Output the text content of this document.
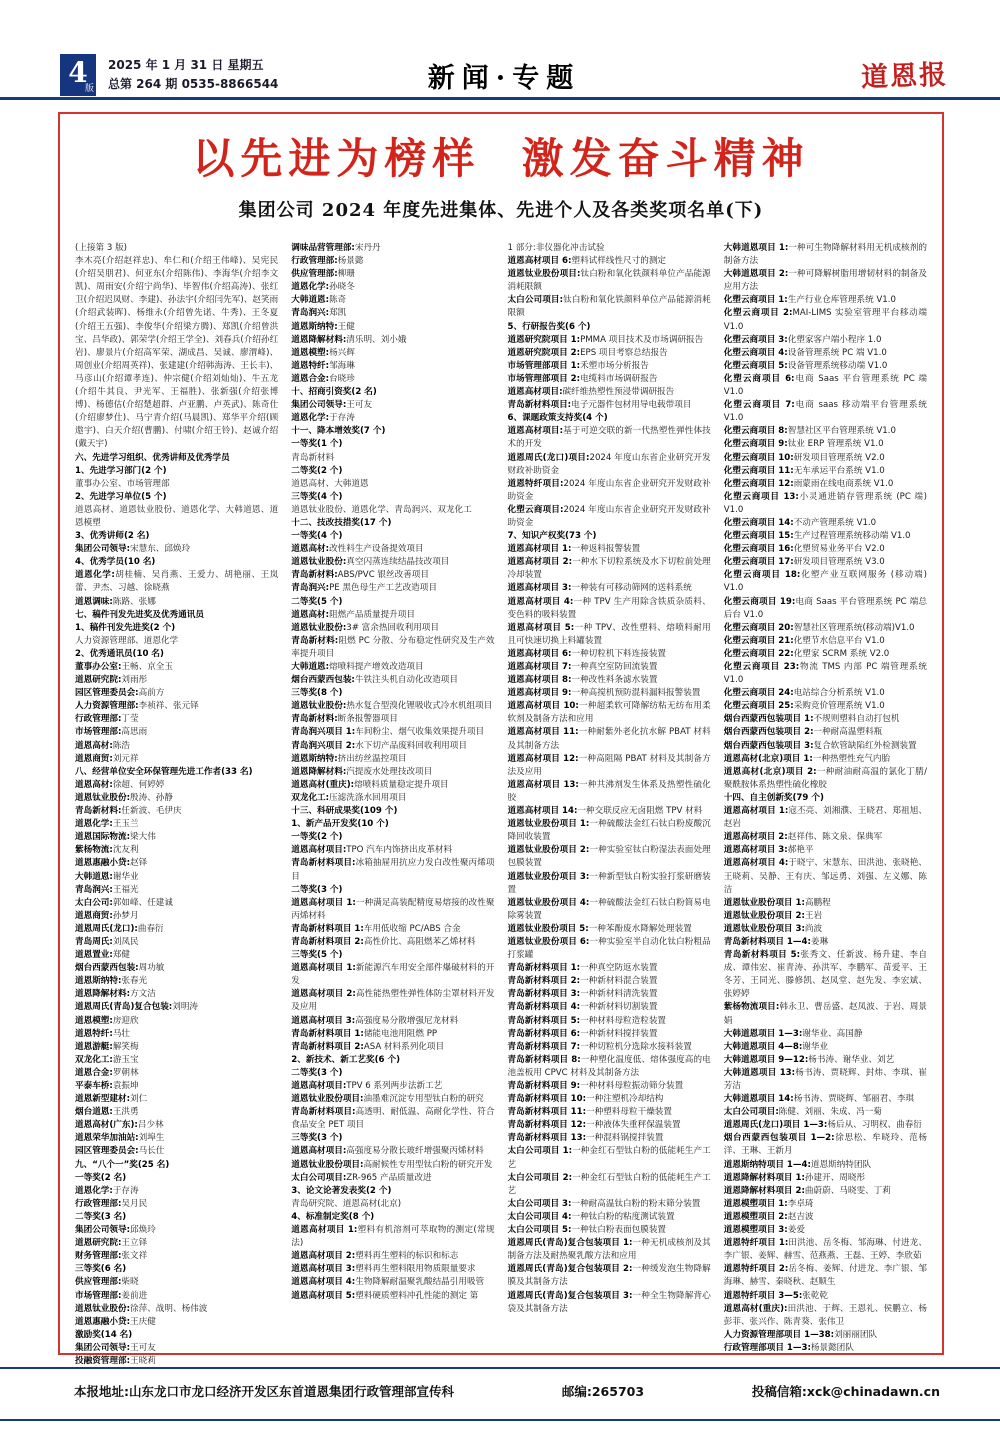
4
版
2025 年 1 月 31 日 星期五
总第 264 期 0535-8866544	新闻·专题	道恩报
以先进为榜样  激发奋斗精神
集团公司 2024 年度先进集体、先进个人及各类奖项名单(下)
(上接第 3 版)
李木亮(介绍赵祥忠)、牟仁和(介绍王伟峰)、吴宪民(介绍吴朋君)、何亚东(介绍陈伟)、李海华(介绍李文凯)、周雨安(介绍宁尚华)、毕智伟(介绍高涛)、张红卫(介绍迟凤财、李建)、孙法宇(介绍闫先军)、赵笑雨(介绍武装晖)、杨维永(介绍曾先诺、牛秀)、王冬夏(介绍王五强)、李俊华(介绍梁方腾)、郑凯(介绍曾洪宝、吕华政)、郭荣学(介绍王学全)、刘春兵(介绍孙红岩)、廖景片(介绍高军荣、湖成昌、吴诚、廖渭峰)、周创业(介绍周英祥)、张建建(介绍韩海涛、王长丰)、马彦山(介绍谭孝连)、仲宗健(介绍刘灿灿)、牛五龙(介绍牛其良、尹光军、王福胜)、张新强(介绍张博博)、杨德估(介绍楚超群、卢亚鹏、卢英武)、陈奇仕(介绍廖梦仕)、马宁青介绍(马晨凯)、郑华平介绍(顾遨宇)、白天介绍(曹鹏)、付啸(介绍王铃)、赵诚介绍(戴天宇)
六、先进学习组织、优秀讲师及优秀学员
1、先进学习部门(2 个)
董事办公室、市场管理部
2、先进学习单位(5 个)
道恩高材、道恩钛业股份、道恩化学、大韩道恩、道恩模塑
3、优秀讲师(2 名)
集团公司领导:宋慧东、邱焕玲
4、优秀学员(10 名)
道恩化学:胡桂楠、吴肖燕、王爱力、胡艳丽、王岚蕾、尹杰、习越、徐晓燕
道恩调味:陈路、张娜
七、稿件刊发先进奖及优秀通讯员
1、稿件刊发先进奖(2 个)
人力资源管理部、道恩化学
2、优秀通讯员(10 名)
董事办公室:王畅、京全玉
道恩研究院:刘雨彤
园区管理委员会:高前方
人力资源管理部:李祯祥、张元铎
行政管理部:丁莹
市场管理部:高思雨
道恩高材:陈浩
道恩商贸:刘元祥
八、经营单位安全环保管理先进工作者(33 名)
道恩高材:徐超、何婷婷
道恩钛业股份:殷涛、孙静
青岛新材料:任新波、毛伊庆
道恩化学:王玉兰
道恩国际物流:梁大伟
紫杨物流:沈友利
道恩惠融小贷:赵铎
大韩道恩:谢华业
青岛润兴:王福光
太白公司:郭如峰、任建诚
道恩商贸:孙梦月
道恩周氏(龙口):曲春衍
青岛周氏:刘凤民
道恩置业:郑健
烟台西蒙西包装:周功敏
道恩斯纳特:张春光
道恩降解材料:方文洁
道恩周氏(青岛)复合包装:刘明涛
道恩模塑:房迎欣
道恩特纤:马壮
道恩游艇:解笑梅
双龙化工:游玉宝
道恩合金:罗朝林
平泰车桥:袁振坤
道恩新型建材:刘仁
烟台道恩:王洪勇
道恩高材(广东):吕少林
道恩荣华加油站:刘埠生
园区管理委员会:马长仕
九、“八个一”奖(25 名)
一等奖(2 名)
道恩化学:于存涛
行政管理部:吴月民
二等奖(3 名)
集团公司领导:邱焕玲
道恩研究院:王立铎
财务管理部:张文祥
三等奖(6 名)
供应管理部:柴晓
市场管理部:姜前进
道恩钛业股份:徐萍、战明、杨伟波
道恩惠融小贷:王庆健
激励奖(14 名)
集团公司领导:王可友
投融资管理部:王晓莉
调味品营管理部:宋丹丹
行政管理部:杨景懿
供应管理部:柳珊
道恩化学:孙晓冬
大韩道恩:陈奇
青岛润兴:郑凯
道恩斯纳特:王健
道恩降解材料:清乐明、刘小娥
道恩模塑:杨兴辉
道恩特纤:邹海琳
道恩合金:台晓珍
十、招商引资奖(2 名)
集团公司领导:王可友
道恩化学:于存涛
十一、降本增效奖(7 个)
一等奖(1 个)
青岛新材料
二等奖(2 个)
道恩高材、大韩道恩
三等奖(4 个)
道恩钛业股份、道恩化学、青岛润兴、双龙化工
十二、技改技措奖(17 个)
一等奖(4 个)
道恩高材:改性料生产设备提效项目
道恩钛业股份:真空闪蒸连续结晶技改项目
青岛新材料:ABS/PVC 银丝改善项目
青岛润兴:PE 黑色母生产工艺改造项目
二等奖(5 个)
道恩高材:阻燃产品质量提升项目
道恩钛业股份:3# 富余热回收利用项目
青岛新材料:阻燃 PC 分散、分布稳定性研究及生产效率提升项目
大韩道恩:熔喷料提产增效改造项目
烟台西蒙西包装:牛铁注头机自动化改造项目
三等奖(8 个)
道恩钛业股份:热水复合型溴化锂吸收式冷水机组项目
青岛新材料:断条报警器项目
青岛润兴项目 1:车间粉尘、烟气收集效果提升项目
青岛润兴项目 2:水下切产品废料回收利用项目
道恩斯纳特:挤出纺丝温控项目
道恩降解材料:汽提废水处理技改项目
道恩高材(重庆):熔喷料质量稳定提升项目
双龙化工:压滤洗涤水回用项目
十三、科研成果奖(109 个)
1、新产品开发奖(10 个)
一等奖(2 个)
道恩高材项目:TPO 汽车内饰挤出皮革材料
青岛新材料项目:冰箱抽屉用抗应力发白改性聚丙烯项目
二等奖(3 个)
道恩高材项目 1:一种满足高装配精度易熔接的改性聚丙烯材料
青岛新材料项目 1:车用低收缩 PC/ABS 合金
青岛新材料项目 2:高性价比、高阻燃苯乙烯材料
三等奖(5 个)
道恩高材项目 1:新能源汽车用安全部件爆破材料的开发
道恩高材项目 2:高性能热塑性弹性体防尘罩材料开发及应用
道恩高材项目 3:高强度易分散增强尼龙材料
青岛新材料项目 1:储能电池用阻燃 PP
青岛新材料项目 2:ASA 材料系列化项目
2、新技术、新工艺奖(6 个)
二等奖(3 个)
道恩高材项目:TPV 6 系列两步法新工艺
道恩钛业股份项目:油墨难沉淀专用型钛白粉的研究
青岛新材料项目:高透明、耐低温、高耐化学性、符合食品安全 PET 项目
三等奖(3 个)
道恩高材项目:高强度易分散长玻纤增强聚丙烯材料
道恩钛业股份项目:高耐候性专用型钛白粉的研究开发
太白公司项目:ZR-965 产品质量改进
3、论文论著发表奖(2 个)
青岛研究院、道恩高材(北京)
4、标准制定奖(8 个)
道恩高材项目 1:塑料有机溶剂可萃取物的测定(常规法)
道恩高材项目 2:塑料再生塑料的标识和标志
道恩高材项目 3:塑料再生塑料限用物质限量要求
道恩高材项目 4:生物降解耐温聚乳酸结晶引用吸管
道恩高材项目 5:塑料硬质塑料冲孔性能的测定 第
1 部分:非仪器化冲击试验
道恩高材项目 6:塑料试样线性尺寸的测定
道恩钛业股份项目:钛白粉和氧化铁颜料单位产品能源消耗限额
太白公司项目:钛白粉和氧化铁颜料单位产品能源消耗限额
5、行研报告奖(6 个)
道恩研究院项目 1:PMMA 项目技术及市场调研报告
道恩研究院项目 2:EPS 项目考察总结报告
市场管理部项目 1:禾塑市场分析报告
市场管理部项目 2:电缆料市场调研报告
道恩高材项目:碳纤维热塑性预浸带调研报告
青岛新材料项目:电子元器件包材用导电载带项目
6、课题政策支持奖(4 个)
道恩高材项目:基于可逆交联的新一代热塑性弹性体技术的开发
道恩周氏(龙口)项目:2024 年度山东省企业研究开发财政补助资金
道恩特纤项目:2024 年度山东省企业研究开发财政补助资金
化塑云商项目:2024 年度山东省企业研究开发财政补助资金
7、知识产权奖(73 个)
道恩高材项目 1:一种返料报警装置
道恩高材项目 2:一种水下切粒系统及水下切粒前处理冷却装置
道恩高材项目 3:一种装有可移动筛网的送料系统
道恩高材项目 4:一种 TPV 生产用除含铁质杂质料、变色料的吸料装置
道恩高材项目 5:一种 TPV、改性塑料、熔喷料耐用且可快速切换上料罐装置
道恩高材项目 6:一种切粒机下料连接装置
道恩高材项目 7:一种真空室防回流装置
道恩高材项目 8:一种改性料条滤水装置
道恩高材项目 9:一种高搅机预防混料漏料报警装置
道恩高材项目 10:一种超柔软可降解纺粘无纺布用柔软剂及制备方法和应用
道恩高材项目 11:一种耐紫外老化抗水解 PBAT 材料及其制备方法
道恩高材项目 12:一种高阻隔 PBAT 材料及其制备方法及应用
道恩高材项目 13:一种共沸剂发生体系及热塑性硫化胶
道恩高材项目 14:一种交联反应无卤阻燃 TPV 材料
道恩钛业股份项目 1:一种硫酸法金红石钛白粉废酸沉降回收装置
道恩钛业股份项目 2:一种实验室钛白粉湿法表面处理包膜装置
道恩钛业股份项目 3:一种新型钛白粉实验打浆研磨装置
道恩钛业股份项目 4:一种硫酸法金红石钛白粉简易电除雾装置
道恩钛业股份项目 5:一种苯酚废水降解处理装置
道恩钛业股份项目 6:一种实验室半自动化钛白粉粗品打浆罐
青岛新材料项目 1:一种真空防返水装置
青岛新材料项目 2:一种新材料混合装置
青岛新材料项目 3:一种新材料清洗装置
青岛新材料项目 4:一种新材料切割装置
青岛新材料项目 5:一种材料母粒造粒装置
青岛新材料项目 6:一种新材料搅拌装置
青岛新材料项目 7:一种切粒机分选除水接料装置
青岛新材料项目 8:一种塑化温度低、熔体强度高的电池盖板用 CPVC 材料及其制备方法
青岛新材料项目 9:一种材料母粒振动筛分装置
青岛新材料项目 10:一种注塑机冷却结构
青岛新材料项目 11:一种塑料母粒干燥装置
青岛新材料项目 12:一种液体失重秤保温装置
青岛新材料项目 13:一种混料锅搅拌装置
太白公司项目 1:一种金红石型钛白粉的低能耗生产工艺
太白公司项目 2:一种金红石型钛白粉的低能耗生产工艺
太白公司项目 3:一种耐高温钛白粉的粉末筛分装置
太白公司项目 4:一种钛白粉的粘度测试装置
太白公司项目 5:一种钛白粉表面包膜装置
道恩周氏(青岛)复合包装项目 1:一种无机成核剂及其制备方法及耐热聚乳酸方法和应用
道恩周氏(青岛)复合包装项目 2:一种缓发泡生物降解膜及其制备方法
道恩周氏(青岛)复合包装项目 3:一种全生物降解背心袋及其制备方法
大韩道恩项目 1:一种可生物降解材料用无机成核剂的制备方法
大韩道恩项目 2:一种可降解树脂用增韧材料的制备及应用方法
化塑云商项目 1:生产行业仓库管理系统 V1.0
化塑云商项目 2:MAI-LIMS 实验室管理平台移动端 V1.0
化塑云商项目 3:化塑家客户端小程序 1.0
化塑云商项目 4:设备管理系统 PC 端 V1.0
化塑云商项目 5:设备管理系统移动端 V1.0
化塑云商项目 6:电商 Saas 平台管理系统 PC 端 V1.0
化塑云商项目 7:电商 saas 移动端平台管理系统 V1.0
化塑云商项目 8:智慧社区平台管理系统 V1.0
化塑云商项目 9:钛业 ERP 管理系统 V1.0
化塑云商项目 10:研发项目管理系统 V2.0
化塑云商项目 11:无车承运平台系统 V1.0
化塑云商项目 12:雨蒙雨在线电商系统 V1.0
化塑云商项目 13:小灵通进销存管理系统 (PC 端) V1.0
化塑云商项目 14:不动产管理系统 V1.0
化塑云商项目 15:生产过程管理系统移动端 V1.0
化塑云商项目 16:化塑贸易业务平台 V2.0
化塑云商项目 17:研发项目管理系统 V3.0
化塑云商项目 18:化塑产业互联网服务 (移动端) V1.0
化塑云商项目 19:电商 Saas 平台管理系统 PC 端总后台 V1.0
化塑云商项目 20:智慧社区管理系统(移动端)V1.0
化塑云商项目 21:化塑节水信息平台 V1.0
化塑云商项目 22:化塑家 SCRM 系统 V2.0
化塑云商项目 23:物流 TMS 内部 PC 端管理系统 V1.0
化塑云商项目 24:电站综合分析系统 V1.0
化塑云商项目 25:采购竞价管理系统 V1.0
烟台西蒙西包装项目 1:不规则塑料自动打包机
烟台西蒙西包装项目 2:一种耐高温塑料瓶
烟台西蒙西包装项目 3:复合软管缺陷红外检测装置
道恩高材(北京)项目 1:一种热塑性充气内胎
道恩高材(北京)项目 2:一种耐油耐高温的氯化丁腈/聚酰胺体系热塑性硫化橡胶
十四、自主创新奖(79 个)
道恩高材项目 1:寇丕亮、刘湘濮、王晓君、郑祖旭、赵岩
道恩高材项目 2:赵祥伟、陈文泉、保典军
道恩高材项目 3:郝艳平
道恩高材项目 4:于晓宁、宋慧东、田洪池、张晓艳、王晓莉、吴静、王有庆、邹远勇、刘强、左义娜、陈洁
道恩钛业股份项目 1:高鹏程
道恩钛业股份项目 2:王岩
道恩钛业股份项目 3:尚波
青岛新材料项目 1—4:姜琳
青岛新材料项目 5:张秀文、任新波、杨升建、李自成、谭伟宏、崔青涛、孙洪军、李鹏军、苗爱平、王冬芳、王同光、滕修凯、赵凤堂、赵先发、李宏斌、张婷婷
紫杨物流项目:韩永卫、曹岳盛、赵凤波、于岩、周景娟
大韩道恩项目 1—3:谢华业、高国静
大韩道恩项目 4—8:谢华业
大韩道恩项目 9—12:杨书涛、谢华业、刘艺
大韩道恩项目 13:杨书涛、贾晓辉、封炜、李琪、崔芳洁
大韩道恩项目 14:杨书涛、贾晓辉、邹丽君、李琪
太白公司项目:陈健、刘丽、朱成、冯一菊
道恩周氏(龙口)项目 1—3:杨后从、习明权、曲春衍
烟台西蒙西包装项目 1—2:徐思松、牟晓玲、范杨洋、王琳、王新月
道恩斯纳特项目 1—4:道恩斯纳特团队
道恩降解材料项目 1:孙建开、周晓彤
道恩降解材料项目 2:曲蔚蔚、马晓雯、丁莉
道恩模塑项目 1:李卓琦
道恩模塑项目 2:赵吉波
道恩模塑项目 3:姜爱
道恩特纤项目 1:田洪池、岳冬梅、邹海琳、付进龙、李广银、姜辉、赫雪、范燕燕、王磊、王婷、李欣茹
道恩特纤项目 2:岳冬梅、姜辉、付进龙、李广银、邹海琳、赫雪、秦晓秋、赵顺生
道恩特纤项目 3—5:张乾乾
道恩高材(重庆):田洪池、于辉、王恩礼、侯鹏立、杨彭菲、张兴作、陈青葵、张伟卫
人力资源管理部项目 1—38:刘丽丽团队
行政管理部项目 1—3:杨景懿团队
本报地址:山东龙口市龙口经济开发区东首道恩集团行政管理部宣传科	邮编:265703	投稿信箱:xck@chinadawn.cn
